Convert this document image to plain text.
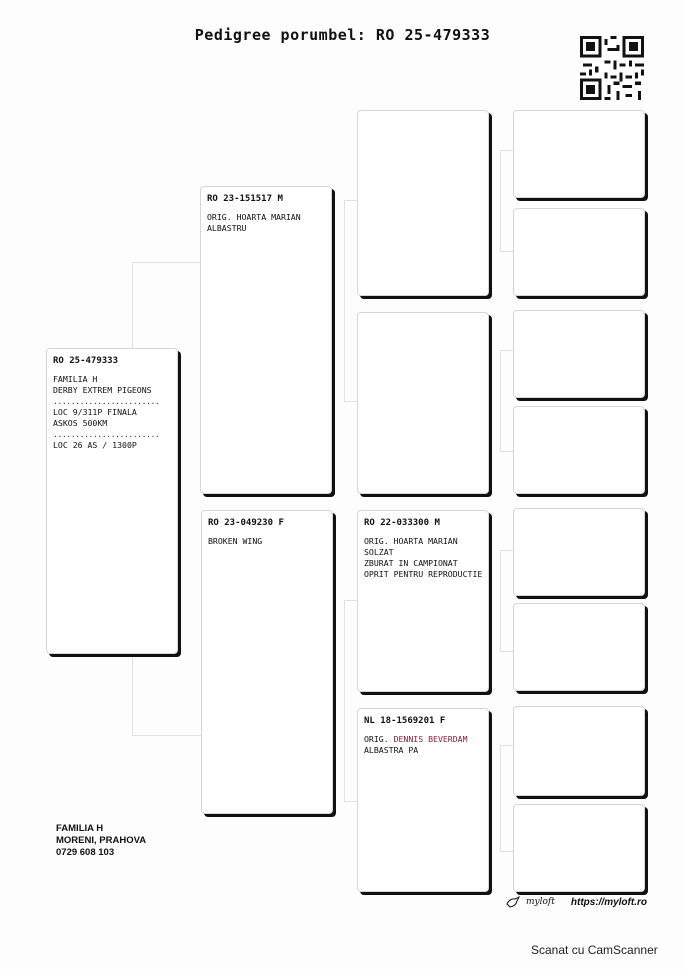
Pedigree porumbel: RO 25-479333
RO 25-479333
FAMILIA H
DERBY EXTREM PIGEONS
........................
LOC 9/311P FINALA
ASKOS 500KM
........................
LOC 26 AS / 1300P
RO 23-151517 M
ORIG. HOARTA MARIAN
ALBASTRU
RO 23-049230 F
BROKEN WING
RO 22-033300 M
ORIG. HOARTA MARIAN
SOLZAT
ZBURAT IN CAMPIONAT
OPRIT PENTRU REPRODUCTIE
NL 18-1569201 F
ORIG. DENNIS BEVERDAM
ALBASTRA PA
FAMILIA H
MORENI, PRAHOVA
0729 608 103
myloft https://myloft.ro
Scanat cu CamScanner
